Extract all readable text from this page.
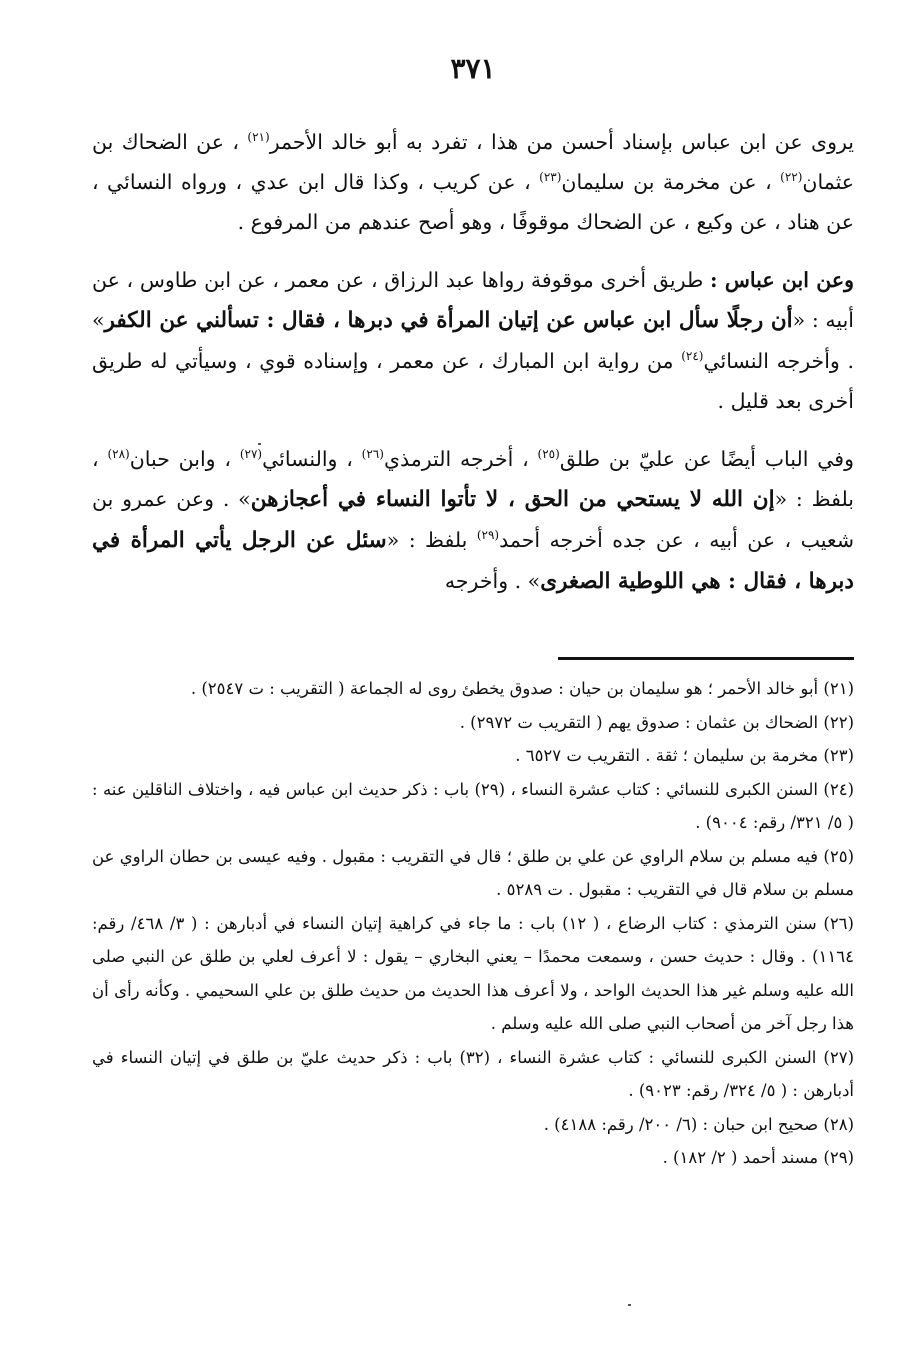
٣٧١

يروى عن ابن عباس بإسناد أحسن من هذا ، تفرد به أبو خالد الأحمر$^{(٢١)}$ ، عن الضحاك بن عثمان$^{(٢٢)}$ ، عن مخرمة بن سليمان$^{(٢٣)}$ ، عن كريب ، وكذا قال ابن عدي ، ورواه النسائي ، عن هناد ، عن وكيع ، عن الضحاك موقوفًا ، وهو أصح عندهم من المرفوع .

وعن ابن عباس : طريق أخرى موقوفة رواها عبد الرزاق ، عن معمر ، عن ابن طاوس ، عن أبيه : «أن رجلًا سأل ابن عباس عن إتيان المرأة في دبرها ، فقال : تسألني عن الكفر» . وأخرجه النسائي$^{(٢٤)}$ من رواية ابن المبارك ، عن معمر ، وإسناده قوي ، وسيأتي له طريق أخرى بعد قليل .

وفي الباب أيضًا عن عليّ بن طلق$^{(٢٥)}$ ، أخرجه الترمذي$^{(٢٦)}$ ، والنسائي$^{(٢٧)}$ ، وابن حبان$^{(٢٨)}$ ، بلفظ : «إن الله لا يستحي من الحق ، لا تأتوا النساء في أعجازهن» . وعن عمرو بن شعيب ، عن أبيه ، عن جده أخرجه أحمد$^{(٢٩)}$ بلفظ : «سئل عن الرجل يأتي المرأة في دبرها ، فقال : هي اللوطية الصغرى» . وأخرجه

(٢١) أبو خالد الأحمر ؛ هو سليمان بن حيان : صدوق يخطئ روى له الجماعة ( التقريب : ت ٢٥٤٧) .

(٢٢) الضحاك بن عثمان : صدوق يهم ( التقريب ت ٢٩٧٢) .

(٢٣) مخرمة بن سليمان ؛ ثقة . التقريب ت ٦٥٢٧ .

(٢٤) السنن الكبرى للنسائي : كتاب عشرة النساء ، (٢٩) باب : ذكر حديث ابن عباس فيه ، واختلاف الناقلين عنه : ( ٥/ ٣٢١/ رقم: ٩٠٠٤) .

(٢٥) فيه مسلم بن سلام الراوي عن علي بن طلق ؛ قال في التقريب : مقبول . وفيه عيسى بن حطان الراوي عن مسلم بن سلام قال في التقريب : مقبول . ت ٥٢٨٩ .

(٢٦) سنن الترمذي : كتاب الرضاع ، ( ١٢) باب : ما جاء في كراهية إتيان النساء في أدبارهن : ( ٣/ ٤٦٨/ رقم: ١١٦٤) . وقال : حديث حسن ، وسمعت محمدًا – يعني البخاري – يقول : لا أعرف لعلي بن طلق عن النبي صلى الله عليه وسلم غير هذا الحديث الواحد ، ولا أعرف هذا الحديث من حديث طلق بن علي السحيمي . وكأنه رأى أن هذا رجل آخر من أصحاب النبي صلى الله عليه وسلم .

(٢٧) السنن الكبرى للنسائي : كتاب عشرة النساء ، (٣٢) باب : ذكر حديث عليّ بن طلق في إتيان النساء في أدبارهن : ( ٥/ ٣٢٤/ رقم: ٩٠٢٣) .

(٢٨) صحيح ابن حبان : (٦/ ٢٠٠/ رقم: ٤١٨٨) .

(٢٩) مسند أحمد ( ٢/ ١٨٢) .
